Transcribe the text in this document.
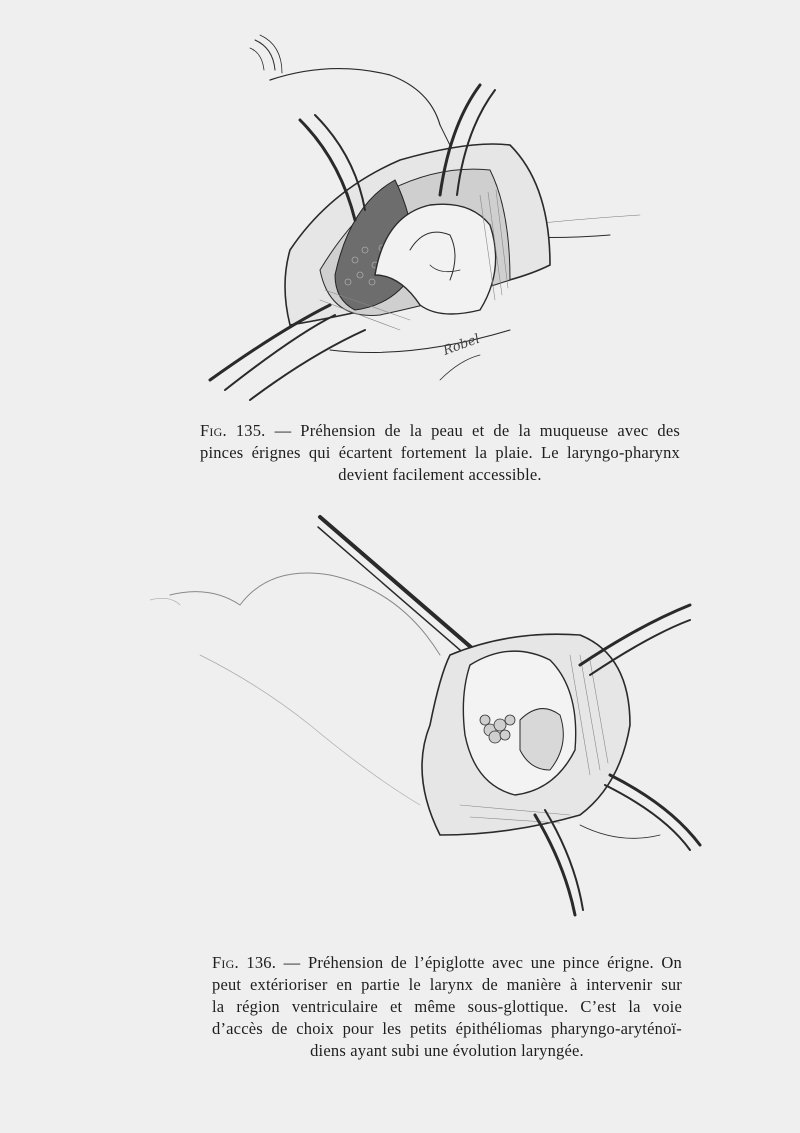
Robel
Fig. 135. — Préhension de la peau et de la muqueuse avec des
pinces érignes qui écartent fortement la plaie. Le laryngo-pharynx
devient facilement accessible.
Fig. 136. — Préhension de l’épiglotte avec une pince érigne. On
peut extérioriser en partie le larynx de manière à intervenir sur
la région ventriculaire et même sous-glottique. C’est la voie
d’accès de choix pour les petits épithéliomas pharyngo-aryténoï-
diens ayant subi une évolution laryngée.
